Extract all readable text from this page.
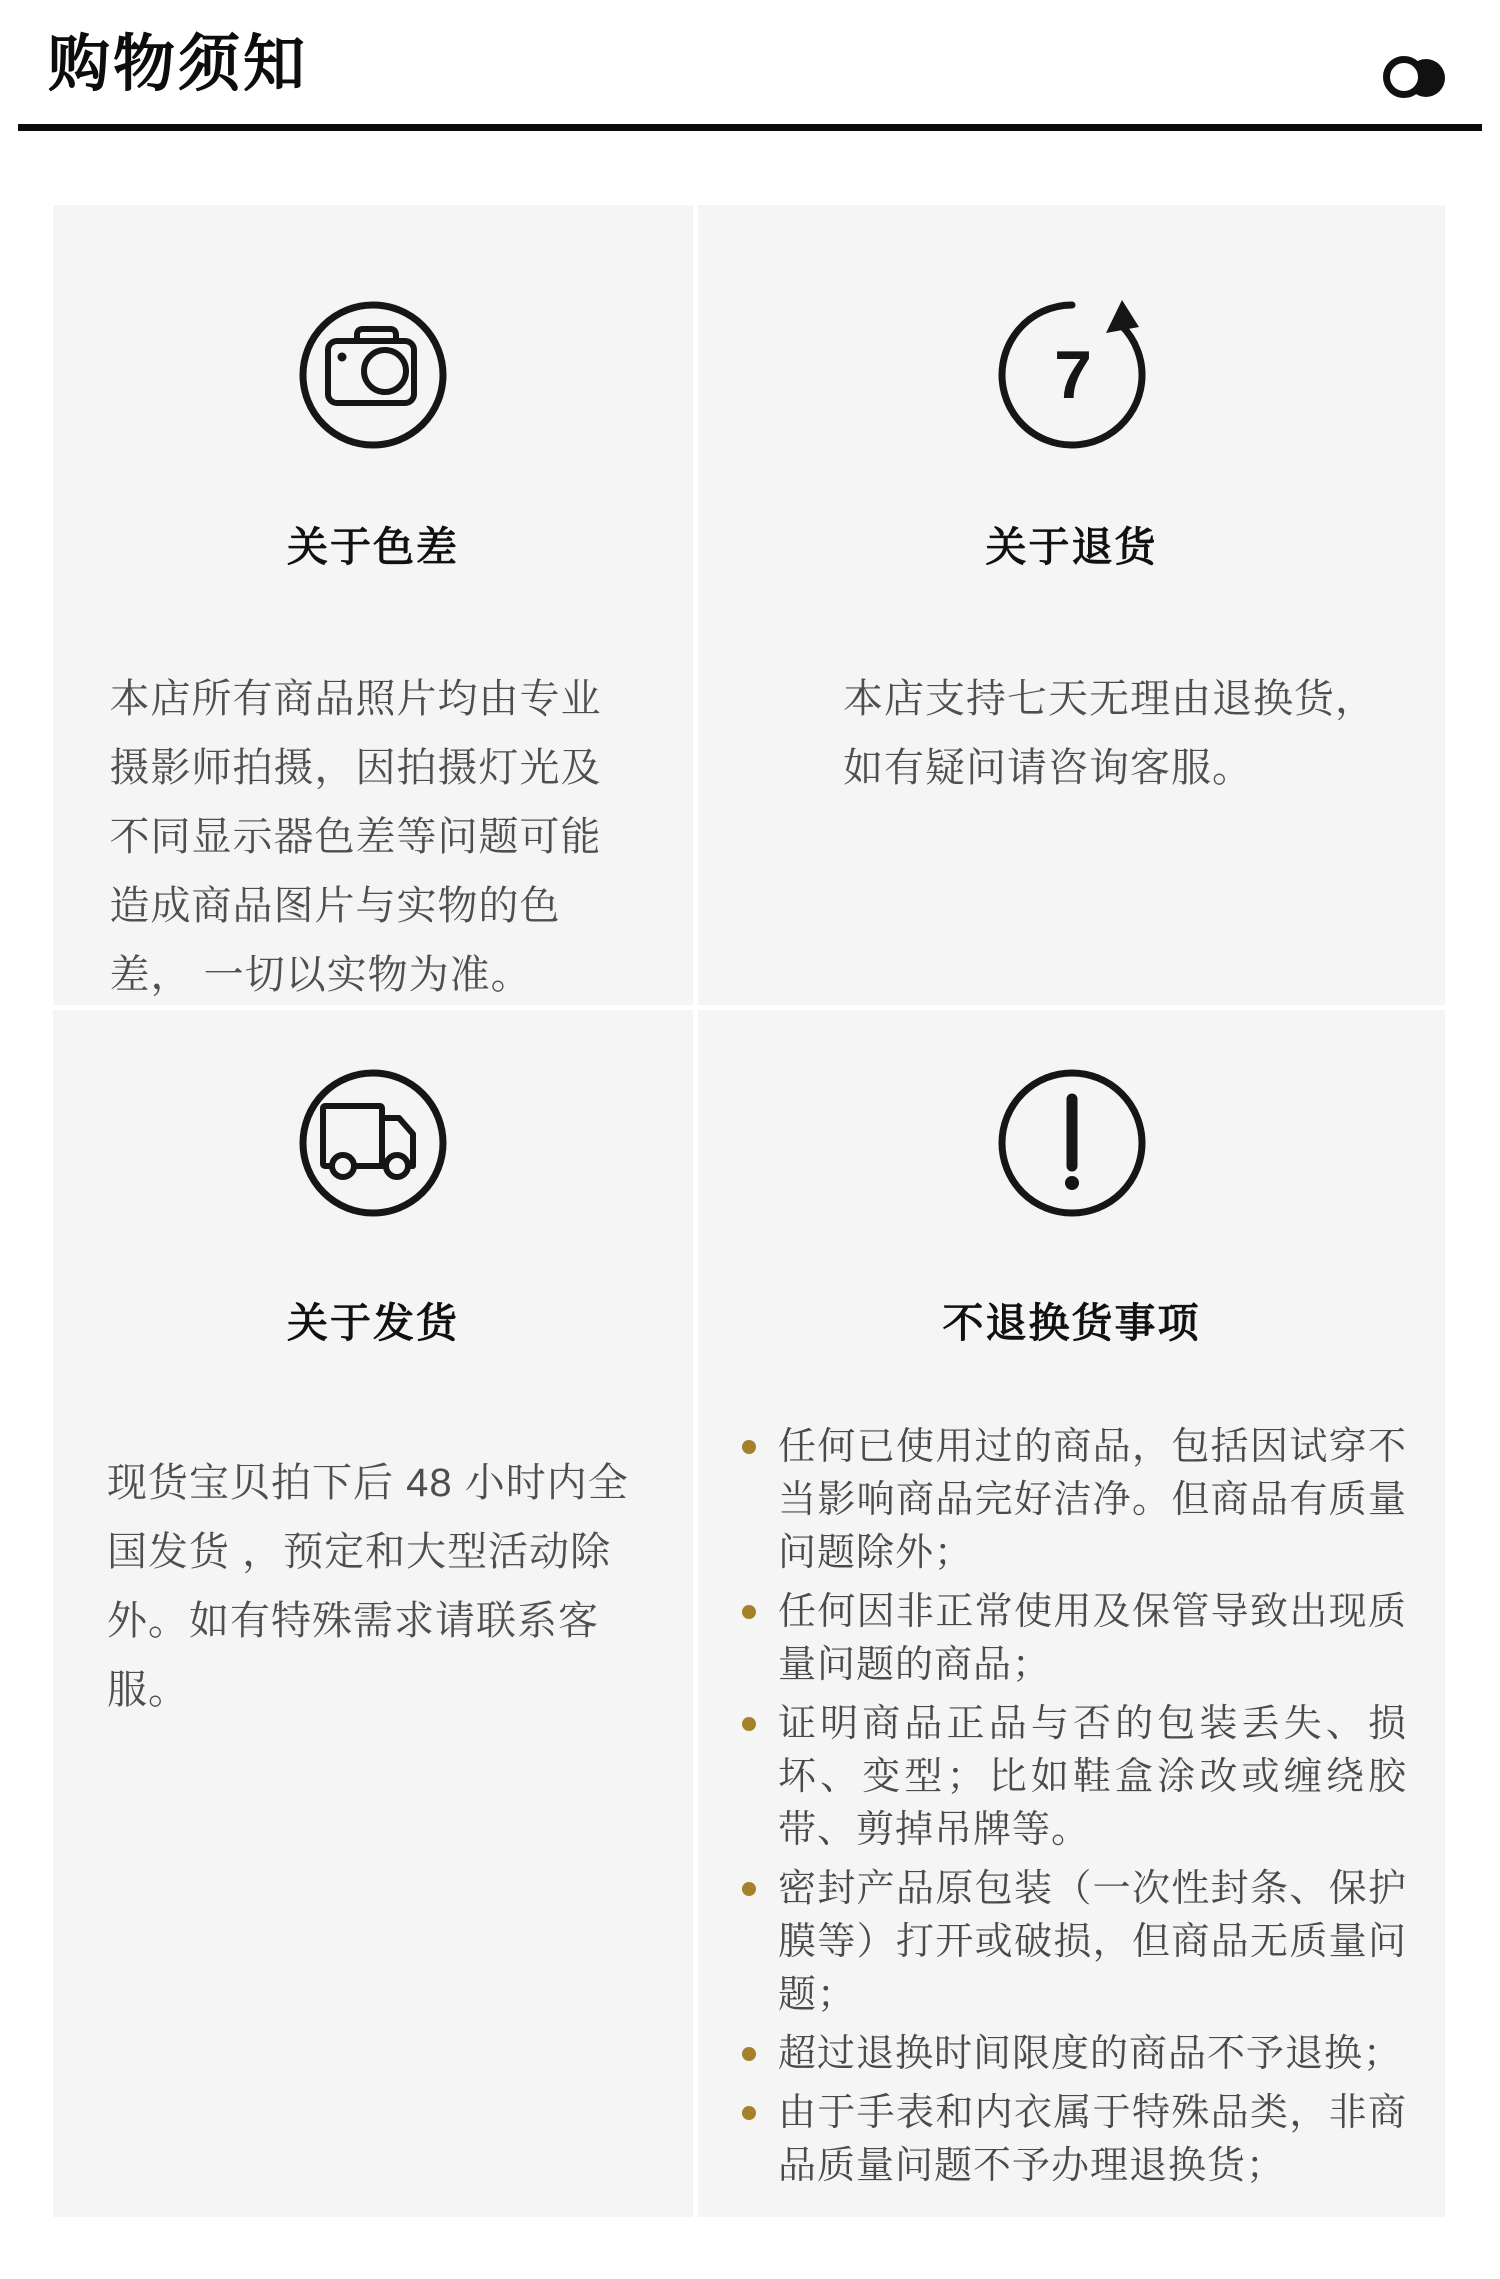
购物须知
关于色差

本店所有商品照片均由专业摄影师拍摄，因拍摄灯光及不同显示器色差等问题可能造成商品图片与实物的色差， 一切以实物为准。

7
关于退货

本店支持七天无理由退换货，如有疑问请咨询客服。

关于发货

现货宝贝拍下后 48 小时内全国发货 ，预定和大型活动除外。如有特殊需求请联系客服。

不退换货事项
任何已使用过的商品，包括因试穿不当影响商品完好洁净。但商品有质量问题除外；
任何因非正常使用及保管导致出现质量问题的商品；
证明商品正品与否的包装丢失、损坏、变型；比如鞋盒涂改或缠绕胶带、剪掉吊牌等。
密封产品原包装（一次性封条、保护膜等）打开或破损，但商品无质量问题；
超过退换时间限度的商品不予退换；
由于手表和内衣属于特殊品类，非商品质量问题不予办理退换货；
